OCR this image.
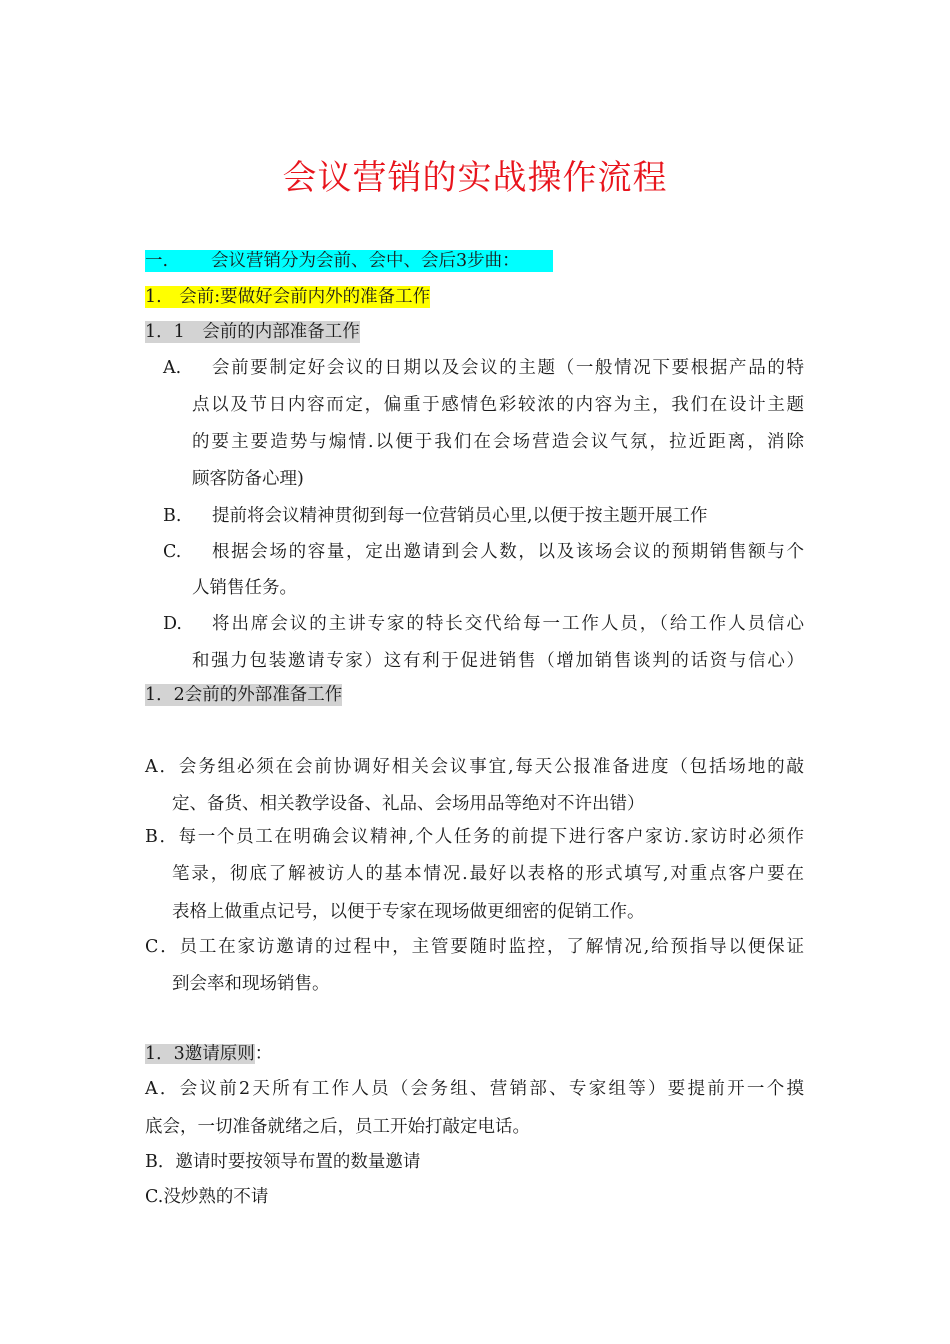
会议营销的实战操作流程
一. 会议营销分为会前、会中、会后3步曲：
1.　会前:要做好会前内外的准备工作
1．1　会前的内部准备工作
A. 会前要制定好会议的日期以及会议的主题（一般情况下要根据产品的特
点以及节日内容而定，偏重于感情色彩较浓的内容为主，我们在设计主题
的要主要造势与煽情.以便于我们在会场营造会议气氛，拉近距离，消除
顾客防备心理)
B. 提前将会议精神贯彻到每一位营销员心里,以便于按主题开展工作
C. 根据会场的容量，定出邀请到会人数，以及该场会议的预期销售额与个
人销售任务。
D. 将出席会议的主讲专家的特长交代给每一工作人员，（给工作人员信心
和强力包装邀请专家）这有利于促进销售（增加销售谈判的话资与信心）
1．2会前的外部准备工作
A．会务组必须在会前协调好相关会议事宜,每天公报准备进度（包括场地的敲
定、备货、相关教学设备、礼品、会场用品等绝对不许出错）
B．每一个员工在明确会议精神,个人任务的前提下进行客户家访.家访时必须作
笔录，彻底了解被访人的基本情况.最好以表格的形式填写,对重点客户要在
表格上做重点记号，以便于专家在现场做更细密的促销工作。
C．员工在家访邀请的过程中，主管要随时监控，了解情况,给预指导以便保证
到会率和现场销售。
1．3邀请原则：
A．会议前2天所有工作人员（会务组、营销部、专家组等）要提前开一个摸
底会，一切准备就绪之后，员工开始打敲定电话。
B．邀请时要按领导布置的数量邀请
C.没炒熟的不请
